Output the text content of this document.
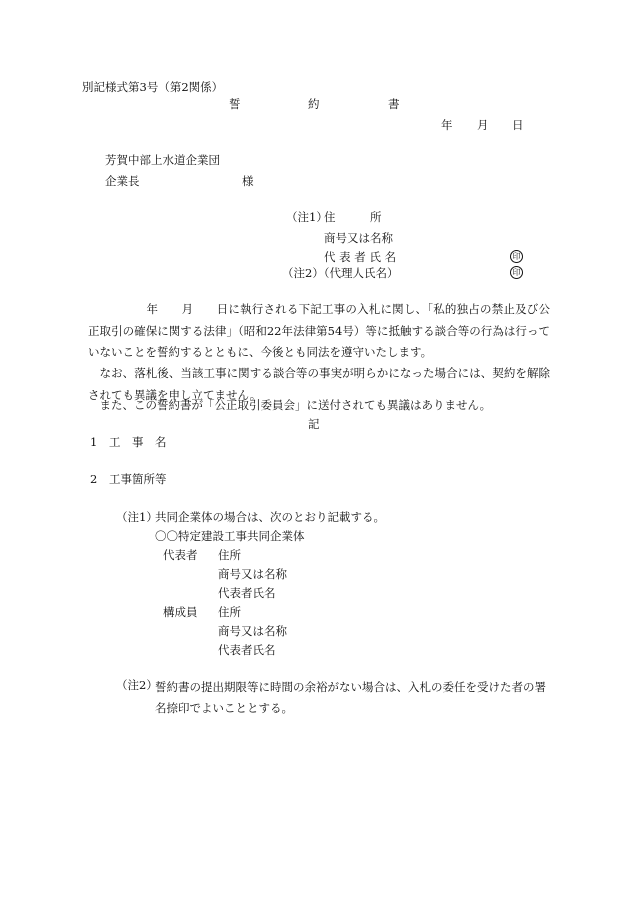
別記様式第3号（第2関係）
誓	約	書
年 月 日
芳賀中部上水道企業団
企業長	様
（注1）
住　　　所
商号又は名称
代 表 者 氏 名	印
（注2）
（代理人氏名）	印
　　　　　年　　月　　日に執行される下記工事の入札に関し、「私的独占の禁止及び公正取引の確保に関する法律」（昭和22年法律第54号）等に抵触する談合等の行為は行っていないことを誓約するとともに、今後とも同法を遵守いたします。
　なお、落札後、当該工事に関する談合等の事実が明らかになった場合には、契約を解除されても異議を申し立てません。
　また、この誓約書が「公正取引委員会」に送付されても異議はありません。
記
1 工　事　名
2 工事箇所等
（注1）
共同企業体の場合は、次のとおり記載する。
〇〇特定建設工事共同企業体
代表者 住所
商号又は名称
代表者氏名
構成員 住所
商号又は名称
代表者氏名
（注2）
誓約書の提出期限等に時間の余裕がない場合は、入札の委任を受けた者の署名捺印でよいこととする。
